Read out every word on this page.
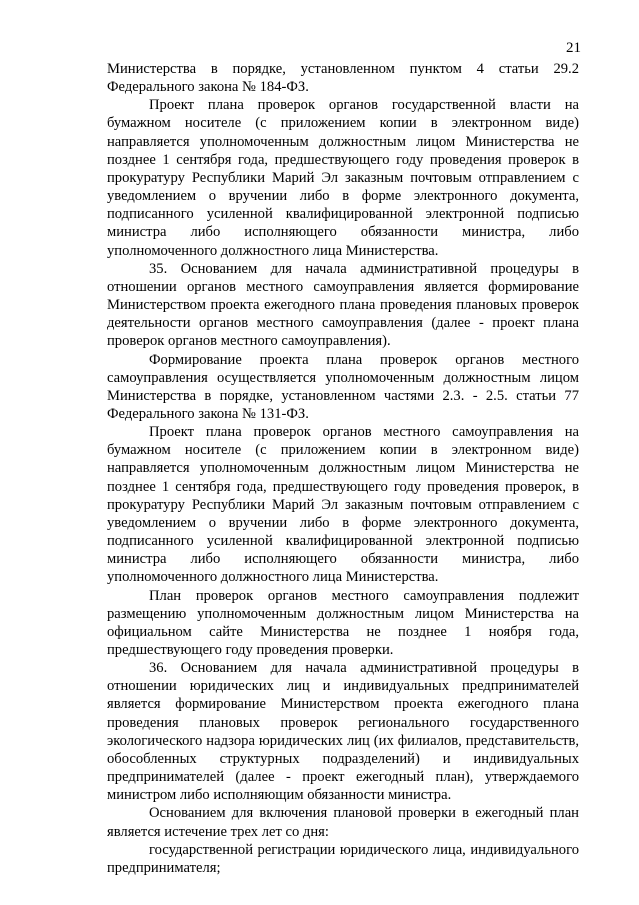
21

Министерства в порядке, установленном пунктом 4 статьи 29.2 Федерального закона № 184-ФЗ.

Проект плана проверок органов государственной власти на бумажном носителе (с приложением копии в электронном виде) направляется уполномоченным должностным лицом Министерства не позднее 1 сентября года, предшествующего году проведения проверок в прокуратуру Республики Марий Эл заказным почтовым отправлением с уведомлением о вручении либо в форме электронного документа, подписанного усиленной квалифицированной электронной подписью министра либо исполняющего обязанности министра, либо уполномоченного должностного лица Министерства.

35. Основанием для начала административной процедуры в отношении органов местного самоуправления является формирование Министерством проекта ежегодного плана проведения плановых проверок деятельности органов местного самоуправления (далее - проект плана проверок органов местного самоуправления).

Формирование проекта плана проверок органов местного самоуправления осуществляется уполномоченным должностным лицом Министерства в порядке, установленном частями 2.3. - 2.5. статьи 77 Федерального закона № 131-ФЗ.

Проект плана проверок органов местного самоуправления на бумажном носителе (с приложением копии в электронном виде) направляется уполномоченным должностным лицом Министерства не позднее 1 сентября года, предшествующего году проведения проверок, в прокуратуру Республики Марий Эл заказным почтовым отправлением с уведомлением о вручении либо в форме электронного документа, подписанного усиленной квалифицированной электронной подписью министра либо исполняющего обязанности министра, либо уполномоченного должностного лица Министерства.

План проверок органов местного самоуправления подлежит размещению уполномоченным должностным лицом Министерства на официальном сайте Министерства не позднее 1 ноября года, предшествующего году проведения проверки.

36. Основанием для начала административной процедуры в отношении юридических лиц и индивидуальных предпринимателей является формирование Министерством проекта ежегодного плана проведения плановых проверок регионального государственного экологического надзора юридических лиц (их филиалов, представительств, обособленных структурных подразделений) и индивидуальных предпринимателей (далее - проект ежегодный план), утверждаемого министром либо исполняющим обязанности министра.

Основанием для включения плановой проверки в ежегодный план является истечение трех лет со дня:

государственной регистрации юридического лица, индивидуального предпринимателя;
